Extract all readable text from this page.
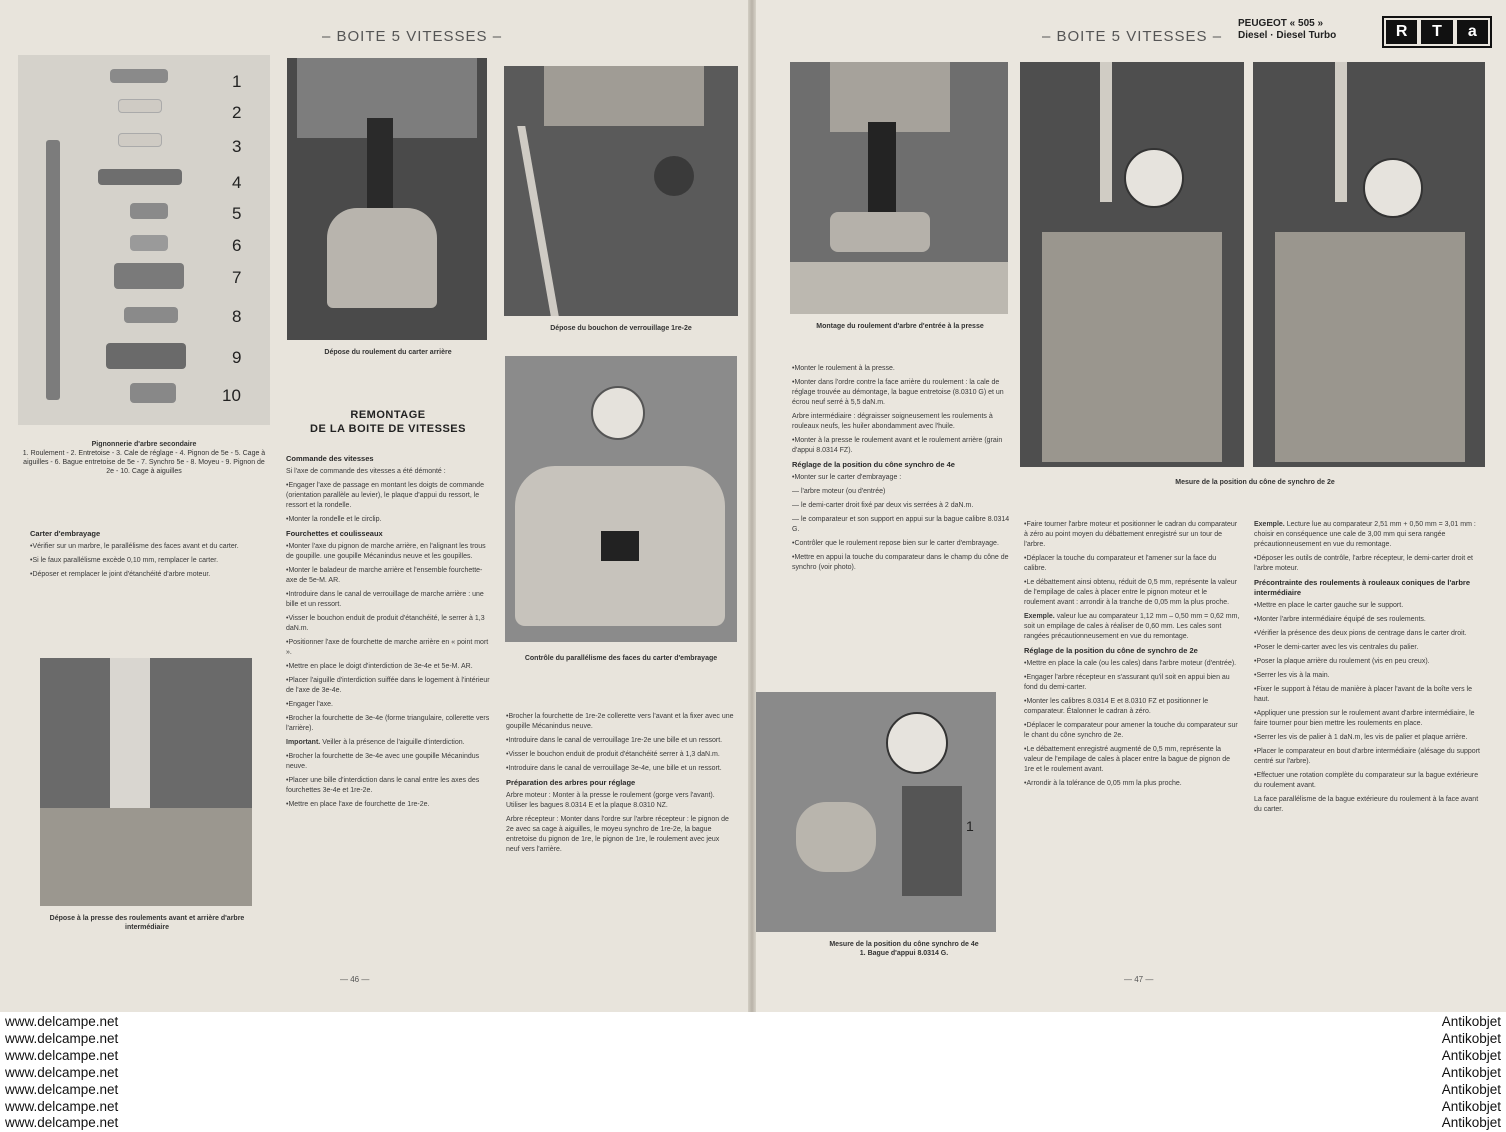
– BOITE 5 VITESSES –	– BOITE 5 VITESSES –
PEUGEOT « 505 »
Diesel · Diesel Turbo	R	T	a
1
2
3
4
5
6
7
8
9
10
Pignonnerie d'arbre secondaire
1. Roulement - 2. Entretoise - 3. Cale de réglage - 4. Pignon de 5e - 5. Cage à aiguilles - 6. Bague entretoise de 5e - 7. Synchro 5e - 8. Moyeu - 9. Pignon de 2e - 10. Cage à aiguilles
Dépose du roulement du carter arrière
Dépose du bouchon de verrouillage 1re-2e
Contrôle du parallélisme des faces du carter d'embrayage
Dépose à la presse des roulements avant et arrière d'arbre intermédiaire
Carter d'embrayage

• Vérifier sur un marbre, le parallélisme des faces avant et du carter.

• Si le faux parallélisme excède 0,10 mm, remplacer le carter.

• Déposer et remplacer le joint d'étanchéité d'arbre moteur.

REMONTAGE
DE LA BOITE DE VITESSES
Commande des vitesses

Si l'axe de commande des vitesses a été démonté :

• Engager l'axe de passage en montant les doigts de commande (orientation parallèle au levier), le plaque d'appui du ressort, le ressort et la rondelle.

• Monter la rondelle et le circlip.

Fourchettes et coulisseaux

• Monter l'axe du pignon de marche arrière, en l'alignant les trous de goupille. une goupille Mécanindus neuve et les goupilles.

• Monter le baladeur de marche arrière et l'ensemble fourchette-axe de 5e-M. AR.

• Introduire dans le canal de verrouillage de marche arrière : une bille et un ressort.

• Visser le bouchon enduit de produit d'étanchéité, le serrer à 1,3 daN.m.

• Positionner l'axe de fourchette de marche arrière en « point mort ».

• Mettre en place le doigt d'interdiction de 3e-4e et 5e-M. AR.

• Placer l'aiguille d'interdiction suiffée dans le logement à l'intérieur de l'axe de 3e-4e.

• Engager l'axe.

• Brocher la fourchette de 3e-4e (forme triangulaire, collerette vers l'arrière).

Important. Veiller à la présence de l'aiguille d'interdiction.

• Brocher la fourchette de 3e-4e avec une goupille Mécanindus neuve.

• Placer une bille d'interdiction dans le canal entre les axes des fourchettes 3e-4e et 1re-2e.

• Mettre en place l'axe de fourchette de 1re-2e.

• Brocher la fourchette de 1re-2e collerette vers l'avant et la fixer avec une goupille Mécanindus neuve.

• Introduire dans le canal de verrouillage 1re-2e une bille et un ressort.

• Visser le bouchon enduit de produit d'étanchéité serrer à 1,3 daN.m.

• Introduire dans le canal de verrouillage 3e-4e, une bille et un ressort.

Préparation des arbres pour réglage

Arbre moteur : Monter à la presse le roulement (gorge vers l'avant). Utiliser les bagues 8.0314 E et la plaque 8.0310 NZ.

Arbre récepteur : Monter dans l'ordre sur l'arbre récepteur : le pignon de 2e avec sa cage à aiguilles, le moyeu synchro de 1re-2e, la bague entretoise du pignon de 1re, le pignon de 1re, le roulement avec jeux neuf vers l'arrière.

— 46 —
Montage du roulement d'arbre d'entrée à la presse
Mesure de la position du cône de synchro de 2e
1
Mesure de la position du cône synchro de 4e
1. Bague d'appui 8.0314 G.

• Monter le roulement à la presse.

• Monter dans l'ordre contre la face arrière du roulement : la cale de réglage trouvée au démontage, la bague entretoise (8.0310 G) et un écrou neuf serré à 5,5 daN.m.

Arbre intermédiaire : dégraisser soigneusement les roulements à rouleaux neufs, les huiler abondamment avec l'huile.

• Monter à la presse le roulement avant et le roulement arrière (grain d'appui 8.0314 FZ).

Réglage de la position du cône synchro de 4e

• Monter sur le carter d'embrayage :

— l'arbre moteur (ou d'entrée)

— le demi-carter droit fixé par deux vis serrées à 2 daN.m.

— le comparateur et son support en appui sur la bague calibre 8.0314 G.

• Contrôler que le roulement repose bien sur le carter d'embrayage.

• Mettre en appui la touche du comparateur dans le champ du cône de synchro (voir photo).

• Faire tourner l'arbre moteur et positionner le cadran du comparateur à zéro au point moyen du débattement enregistré sur un tour de l'arbre.

• Déplacer la touche du comparateur et l'amener sur la face du calibre.

• Le débattement ainsi obtenu, réduit de 0,5 mm, représente la valeur de l'empilage de cales à placer entre le pignon moteur et le roulement avant : arrondir à la tranche de 0,05 mm la plus proche.

Exemple. valeur lue au comparateur 1,12 mm – 0,50 mm = 0,62 mm, soit un empilage de cales à réaliser de 0,60 mm. Les cales sont rangées précautionneusement en vue du remontage.

Réglage de la position du cône de synchro de 2e

• Mettre en place la cale (ou les cales) dans l'arbre moteur (d'entrée).

• Engager l'arbre récepteur en s'assurant qu'il soit en appui bien au fond du demi-carter.

• Monter les calibres 8.0314 E et 8.0310 FZ et positionner le comparateur. Étalonner le cadran à zéro.

• Déplacer le comparateur pour amener la touche du comparateur sur le chant du cône synchro de 2e.

• Le débattement enregistré augmenté de 0,5 mm, représente la valeur de l'empilage de cales à placer entre la bague de pignon de 1re et le roulement avant.

• Arrondir à la tolérance de 0,05 mm la plus proche.

Exemple. Lecture lue au comparateur 2,51 mm + 0,50 mm = 3,01 mm : choisir en conséquence une cale de 3,00 mm qui sera rangée précautionneusement en vue du remontage.

• Déposer les outils de contrôle, l'arbre récepteur, le demi-carter droit et l'arbre moteur.

Précontrainte des roulements à rouleaux coniques de l'arbre intermédiaire

• Mettre en place le carter gauche sur le support.

• Monter l'arbre intermédiaire équipé de ses roulements.

• Vérifier la présence des deux pions de centrage dans le carter droit.

• Poser le demi-carter avec les vis centrales du palier.

• Poser la plaque arrière du roulement (vis en peu creux).

• Serrer les vis à la main.

• Fixer le support à l'étau de manière à placer l'avant de la boîte vers le haut.

• Appliquer une pression sur le roulement avant d'arbre intermédiaire, le faire tourner pour bien mettre les roulements en place.

• Serrer les vis de palier à 1 daN.m, les vis de palier et plaque arrière.

• Placer le comparateur en bout d'arbre intermédiaire (alésage du support centré sur l'arbre).

• Effectuer une rotation complète du comparateur sur la bague extérieure du roulement avant.

La face parallélisme de la bague extérieure du roulement à la face avant du carter.

— 47 —
www.delcampe.net
www.delcampe.net
www.delcampe.net
www.delcampe.net
www.delcampe.net
www.delcampe.net
www.delcampe.net
Antikobjet
Antikobjet
Antikobjet
Antikobjet
Antikobjet
Antikobjet
Antikobjet
